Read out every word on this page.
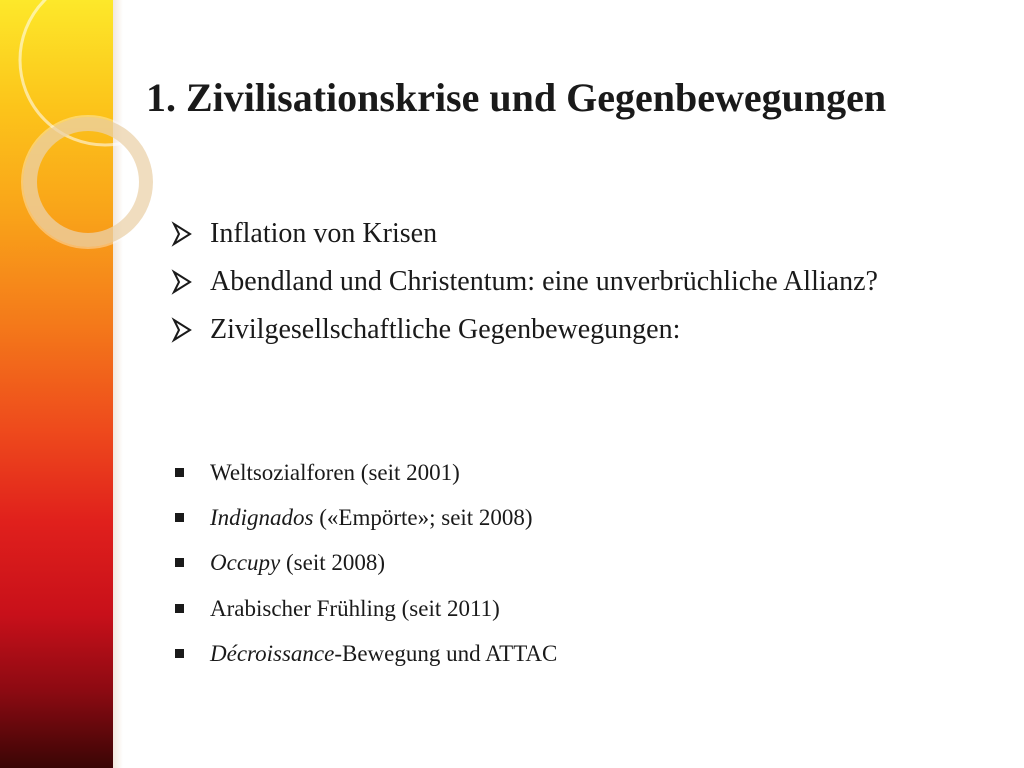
1. Zivilisationskrise und Gegenbewegungen
Inflation von Krisen
Abendland und Christentum: eine unverbrüchliche Allianz?
Zivilgesellschaftliche Gegenbewegungen:
Weltsozialforen (seit 2001)
Indignados («Empörte»; seit 2008)
Occupy (seit 2008)
Arabischer Frühling (seit 2011)
Décroissance-Bewegung und ATTAC
